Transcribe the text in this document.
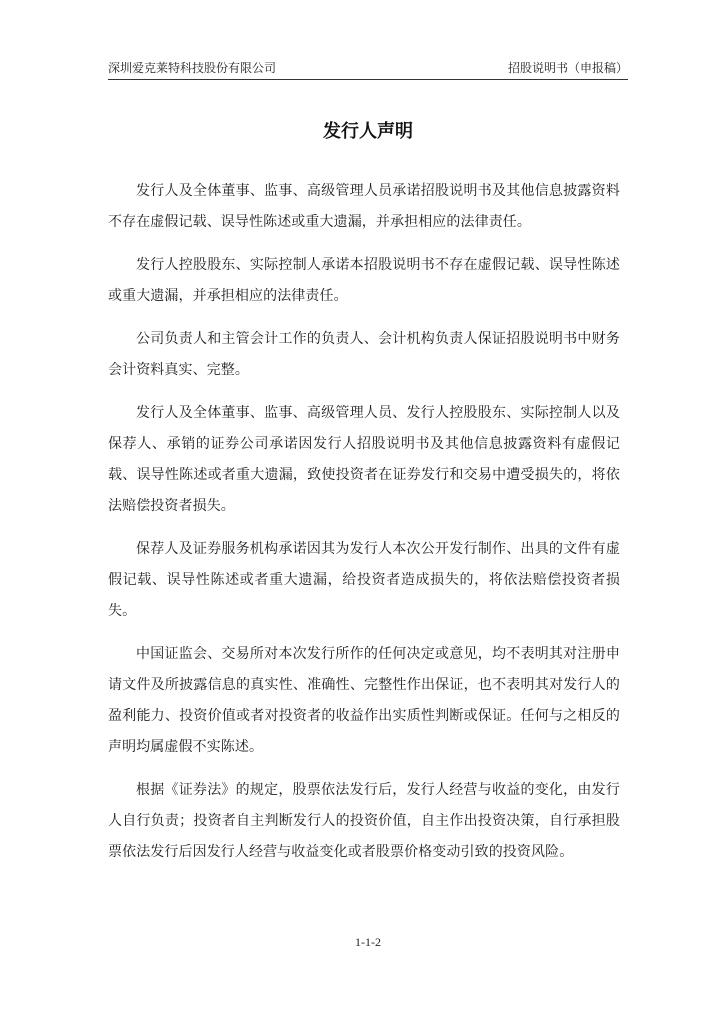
深圳爱克莱特科技股份有限公司	招股说明书（申报稿）
发行人声明

发行人及全体董事、监事、高级管理人员承诺招股说明书及其他信息披露资料不存在虚假记载、误导性陈述或重大遗漏，并承担相应的法律责任。

发行人控股股东、实际控制人承诺本招股说明书不存在虚假记载、误导性陈述或重大遗漏，并承担相应的法律责任。

公司负责人和主管会计工作的负责人、会计机构负责人保证招股说明书中财务会计资料真实、完整。

发行人及全体董事、监事、高级管理人员、发行人控股股东、实际控制人以及保荐人、承销的证券公司承诺因发行人招股说明书及其他信息披露资料有虚假记载、误导性陈述或者重大遗漏，致使投资者在证券发行和交易中遭受损失的，将依法赔偿投资者损失。

保荐人及证券服务机构承诺因其为发行人本次公开发行制作、出具的文件有虚假记载、误导性陈述或者重大遗漏，给投资者造成损失的，将依法赔偿投资者损失。

中国证监会、交易所对本次发行所作的任何决定或意见，均不表明其对注册申请文件及所披露信息的真实性、准确性、完整性作出保证，也不表明其对发行人的盈利能力、投资价值或者对投资者的收益作出实质性判断或保证。任何与之相反的声明均属虚假不实陈述。

根据《证券法》的规定，股票依法发行后，发行人经营与收益的变化，由发行人自行负责；投资者自主判断发行人的投资价值，自主作出投资决策，自行承担股票依法发行后因发行人经营与收益变化或者股票价格变动引致的投资风险。

1-1-2
